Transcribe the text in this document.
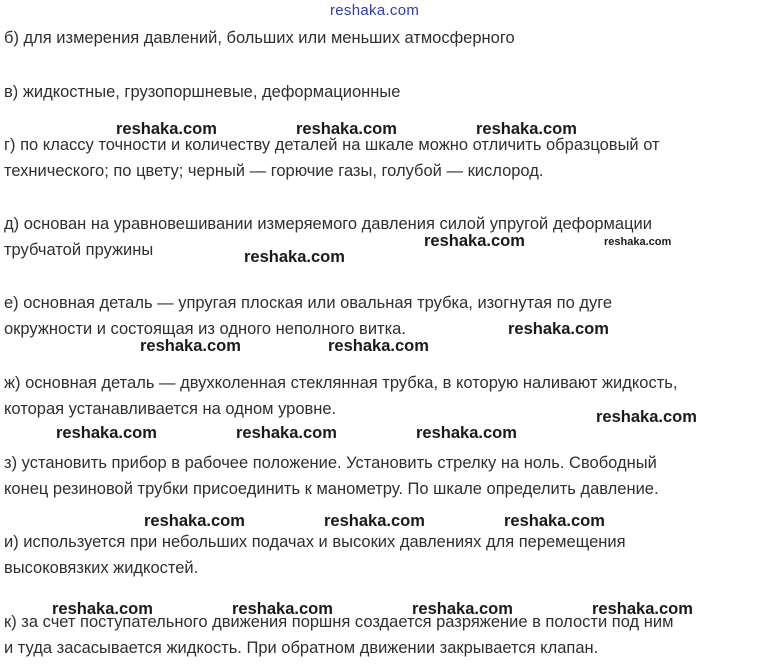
reshaka.com
б) для измерения давлений, больших или меньших атмосферного
в) жидкостные, грузопоршневые, деформационные
г) по классу точности и количеству деталей на шкале можно отличить образцовый от
технического; по цвету; черный — горючие газы, голубой — кислород.
д) основан на уравновешивании измеряемого давления силой упругой деформации
трубчатой пружины
е) основная деталь — упругая плоская или овальная трубка, изогнутая по дуге
окружности и состоящая из одного неполного витка.
ж) основная деталь — двухколенная стеклянная трубка, в которую наливают жидкость,
которая устанавливается на одном уровне.
з) установить прибор в рабочее положение. Установить стрелку на ноль. Свободный
конец резиновой трубки присоединить к манометру. По шкале определить давление.
и) используется при небольших подачах и высоких давлениях для перемещения
высоковязких жидкостей.
к) за счет поступательного движения поршня создается разряжение в полости под ним
и туда засасывается жидкость. При обратном движении закрывается клапан.
reshaka.com	reshaka.com	reshaka.com
reshaka.com	reshaka.com
reshaka.com
reshaka.com
reshaka.com	reshaka.com
reshaka.com
reshaka.com	reshaka.com	reshaka.com
reshaka.com	reshaka.com	reshaka.com
reshaka.com	reshaka.com	reshaka.com	reshaka.com
